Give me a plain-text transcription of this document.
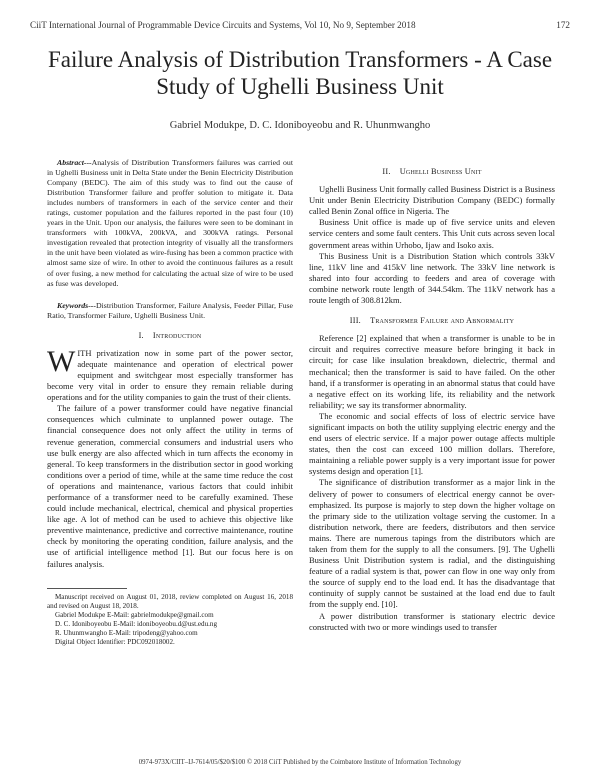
CiiT International Journal of Programmable Device Circuits and Systems, Vol 10, No 9, September 2018	172
Failure Analysis of Distribution Transformers - A Case Study of Ughelli Business Unit
Gabriel Modukpe, D. C. Idoniboyeobu and R. Uhunmwangho

Abstract---Analysis of Distribution Transformers failures was carried out in Ughelli Business unit in Delta State under the Benin Electricity Distribution Company (BEDC). The aim of this study was to find out the cause of Distribution Transformer failure and proffer solution to mitigate it. Data includes numbers of transformers in each of the service center and their ratings, customer population and the failures reported in the past four (10) years in the Unit. Upon our analysis, the failures were seen to be dominant in transformers with 100kVA, 200kVA, and 300kVA ratings. Personal investigation revealed that protection integrity of visually all the transformers in the unit have been violated as wire-fusing has been a common practice with almost same size of wire. In other to avoid the continuous failures as a result of over fusing, a new method for calculating the actual size of wire to be used as fuse was developed.

Keywords---Distribution Transformer, Failure Analysis, Feeder Pillar, Fuse Ratio, Transformer Failure, Ughelli Business Unit.

I. Introduction

WITH privatization now in some part of the power sector, adequate maintenance and operation of electrical power equipment and switchgear most especially transformer has become very vital in order to ensure they remain reliable during operations and for the utility companies to gain the trust of their clients.

The failure of a power transformer could have negative financial consequences which culminate to unplanned power outage. The financial consequence does not only affect the utility in terms of revenue generation, commercial consumers and industrial users who use bulk energy are also affected which in turn affects the economy in general. To keep transformers in the distribution sector in good working conditions over a period of time, while at the same time reduce the cost of operations and maintenance, various factors that could inhibit performance of a transformer need to be carefully examined. These could include mechanical, electrical, chemical and physical properties like age. A lot of method can be used to achieve this objective like preventive maintenance, predictive and corrective maintenance, routine check by monitoring the operating condition, failure analysis, and the use of artificial intelligence method [1]. But our focus here is on failures analysis.

Manuscript received on August 01, 2018, review completed on August 16, 2018 and revised on August 18, 2018.

Gabriel Modukpe E-Mail: gabrielmodukpe@gmail.com

D. C. Idoniboyeobu E-Mail: idoniboyeobu.d@ust.edu.ng

R. Uhunmwangho E-Mail: tripodeng@yahoo.com

Digital Object Identifier: PDC092018002.

II. Ughelli Business Unit

Ughelli Business Unit formally called Business District is a Business Unit under Benin Electricity Distribution Company (BEDC) formally called Benin Zonal office in Nigeria. The

Business Unit office is made up of five service units and eleven service centers and some fault centers. This Unit cuts across seven local government areas within Urhobo, Ijaw and Isoko axis.

This Business Unit is a Distribution Station which controls 33kV line, 11kV line and 415kV line network. The 33kV line network is shared into four according to feeders and area of coverage with combine network route length of 344.54km. The 11kV network has a route length of 308.812km.

III. Transformer Failure and Abnormality

Reference [2] explained that when a transformer is unable to be in circuit and requires corrective measure before bringing it back in circuit; for case like insulation breakdown, dielectric, thermal and mechanical; then the transformer is said to have failed. On the other hand, if a transformer is operating in an abnormal status that could have a negative effect on its working life, its reliability and the network reliability; we say its transformer abnormality.

The economic and social effects of loss of electric service have significant impacts on both the utility supplying electric energy and the end users of electric service. If a major power outage affects multiple states, then the cost can exceed 100 million dollars. Therefore, maintaining a reliable power supply is a very important issue for power systems design and operation [1].

The significance of distribution transformer as a major link in the delivery of power to consumers of electrical energy cannot be over-emphasized. Its purpose is majorly to step down the higher voltage on the primary side to the utilization voltage serving the customer. In a distribution network, there are feeders, distributors and then service mains. There are numerous tapings from the distributors which are taken from them for the supply to all the consumers. [9]. The Ughelli Business Unit Distribution system is radial, and the distinguishing feature of a radial system is that, power can flow in one way only from the source of supply end to the load end. It has the disadvantage that continuity of supply cannot be sustained at the load end due to fault from the supply end. [10].

A power distribution transformer is stationary electric device constructed with two or more windings used to transfer

0974-973X/CIIT–IJ-7614/05/$20/$100 © 2018 CiiT Published by the Coimbatore Institute of Information Technology
